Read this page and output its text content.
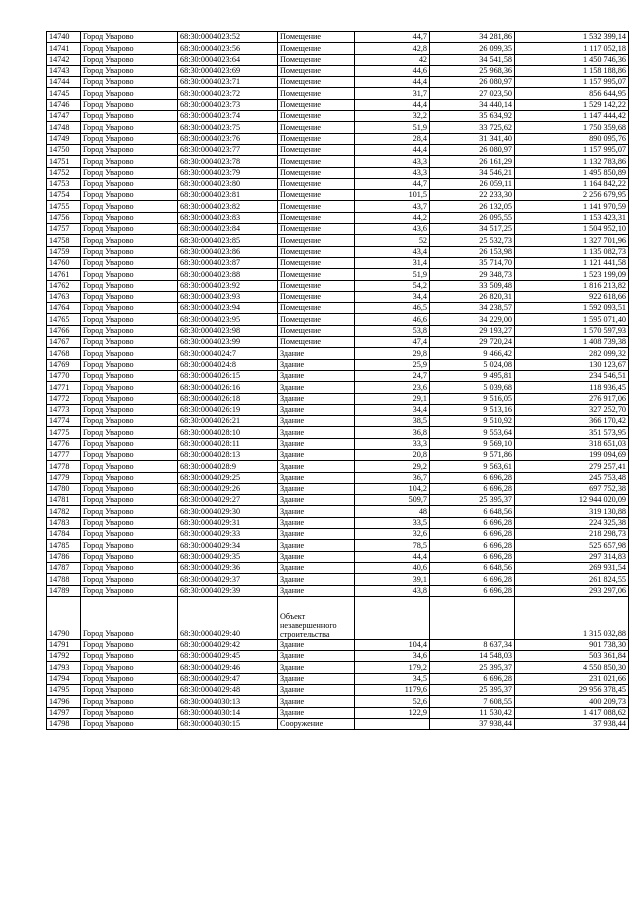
14740	Город Уварово	68:30:0004023:52	Помещение	44,7	34 281,86	1 532 399,14
14741	Город Уварово	68:30:0004023:56	Помещение	42,8	26 099,35	1 117 052,18
14742	Город Уварово	68:30:0004023:64	Помещение	42	34 541,58	1 450 746,36
14743	Город Уварово	68:30:0004023:69	Помещение	44,6	25 968,36	1 158 188,86
14744	Город Уварово	68:30:0004023:71	Помещение	44,4	26 080,97	1 157 995,07
14745	Город Уварово	68:30:0004023:72	Помещение	31,7	27 023,50	856 644,95
14746	Город Уварово	68:30:0004023:73	Помещение	44,4	34 440,14	1 529 142,22
14747	Город Уварово	68:30:0004023:74	Помещение	32,2	35 634,92	1 147 444,42
14748	Город Уварово	68:30:0004023:75	Помещение	51,9	33 725,62	1 750 359,68
14749	Город Уварово	68:30:0004023:76	Помещение	28,4	31 341,40	890 095,76
14750	Город Уварово	68:30:0004023:77	Помещение	44,4	26 080,97	1 157 995,07
14751	Город Уварово	68:30:0004023:78	Помещение	43,3	26 161,29	1 132 783,86
14752	Город Уварово	68:30:0004023:79	Помещение	43,3	34 546,21	1 495 850,89
14753	Город Уварово	68:30:0004023:80	Помещение	44,7	26 059,11	1 164 842,22
14754	Город Уварово	68:30:0004023:81	Помещение	101,5	22 233,30	2 256 679,95
14755	Город Уварово	68:30:0004023:82	Помещение	43,7	26 132,05	1 141 970,59
14756	Город Уварово	68:30:0004023:83	Помещение	44,2	26 095,55	1 153 423,31
14757	Город Уварово	68:30:0004023:84	Помещение	43,6	34 517,25	1 504 952,10
14758	Город Уварово	68:30:0004023:85	Помещение	52	25 532,73	1 327 701,96
14759	Город Уварово	68:30:0004023:86	Помещение	43,4	26 153,98	1 135 082,73
14760	Город Уварово	68:30:0004023:87	Помещение	31,4	35 714,70	1 121 441,58
14761	Город Уварово	68:30:0004023:88	Помещение	51,9	29 348,73	1 523 199,09
14762	Город Уварово	68:30:0004023:92	Помещение	54,2	33 509,48	1 816 213,82
14763	Город Уварово	68:30:0004023:93	Помещение	34,4	26 820,31	922 618,66
14764	Город Уварово	68:30:0004023:94	Помещение	46,5	34 238,57	1 592 093,51
14765	Город Уварово	68:30:0004023:95	Помещение	46,6	34 229,00	1 595 071,40
14766	Город Уварово	68:30:0004023:98	Помещение	53,8	29 193,27	1 570 597,93
14767	Город Уварово	68:30:0004023:99	Помещение	47,4	29 720,24	1 408 739,38
14768	Город Уварово	68:30:0004024:7	Здание	29,8	9 466,42	282 099,32
14769	Город Уварово	68:30:0004024:8	Здание	25,9	5 024,08	130 123,67
14770	Город Уварово	68:30:0004026:15	Здание	24,7	9 495,81	234 546,51
14771	Город Уварово	68:30:0004026:16	Здание	23,6	5 039,68	118 936,45
14772	Город Уварово	68:30:0004026:18	Здание	29,1	9 516,05	276 917,06
14773	Город Уварово	68:30:0004026:19	Здание	34,4	9 513,16	327 252,70
14774	Город Уварово	68:30:0004026:21	Здание	38,5	9 510,92	366 170,42
14775	Город Уварово	68:30:0004028:10	Здание	36,8	9 553,64	351 573,95
14776	Город Уварово	68:30:0004028:11	Здание	33,3	9 569,10	318 651,03
14777	Город Уварово	68:30:0004028:13	Здание	20,8	9 571,86	199 094,69
14778	Город Уварово	68:30:0004028:9	Здание	29,2	9 563,61	279 257,41
14779	Город Уварово	68:30:0004029:25	Здание	36,7	6 696,28	245 753,48
14780	Город Уварово	68:30:0004029:26	Здание	104,2	6 696,28	697 752,38
14781	Город Уварово	68:30:0004029:27	Здание	509,7	25 395,37	12 944 020,09
14782	Город Уварово	68:30:0004029:30	Здание	48	6 648,56	319 130,88
14783	Город Уварово	68:30:0004029:31	Здание	33,5	6 696,28	224 325,38
14784	Город Уварово	68:30:0004029:33	Здание	32,6	6 696,28	218 298,73
14785	Город Уварово	68:30:0004029:34	Здание	78,5	6 696,28	525 657,98
14786	Город Уварово	68:30:0004029:35	Здание	44,4	6 696,28	297 314,83
14787	Город Уварово	68:30:0004029:36	Здание	40,6	6 648,56	269 931,54
14788	Город Уварово	68:30:0004029:37	Здание	39,1	6 696,28	261 824,55
14789	Город Уварово	68:30:0004029:39	Здание	43,8	6 696,28	293 297,06
14790	Город Уварово	68:30:0004029:40	Объект незавершенного строительства			1 315 032,88
14791	Город Уварово	68:30:0004029:42	Здание	104,4	8 637,34	901 738,30
14792	Город Уварово	68:30:0004029:45	Здание	34,6	14 548,03	503 361,84
14793	Город Уварово	68:30:0004029:46	Здание	179,2	25 395,37	4 550 850,30
14794	Город Уварово	68:30:0004029:47	Здание	34,5	6 696,28	231 021,66
14795	Город Уварово	68:30:0004029:48	Здание	1179,6	25 395,37	29 956 378,45
14796	Город Уварово	68:30:0004030:13	Здание	52,6	7 608,55	400 209,73
14797	Город Уварово	68:30:0004030:14	Здание	122,9	11 530,42	1 417 088,62
14798	Город Уварово	68:30:0004030:15	Сооружение		37 938,44	37 938,44
